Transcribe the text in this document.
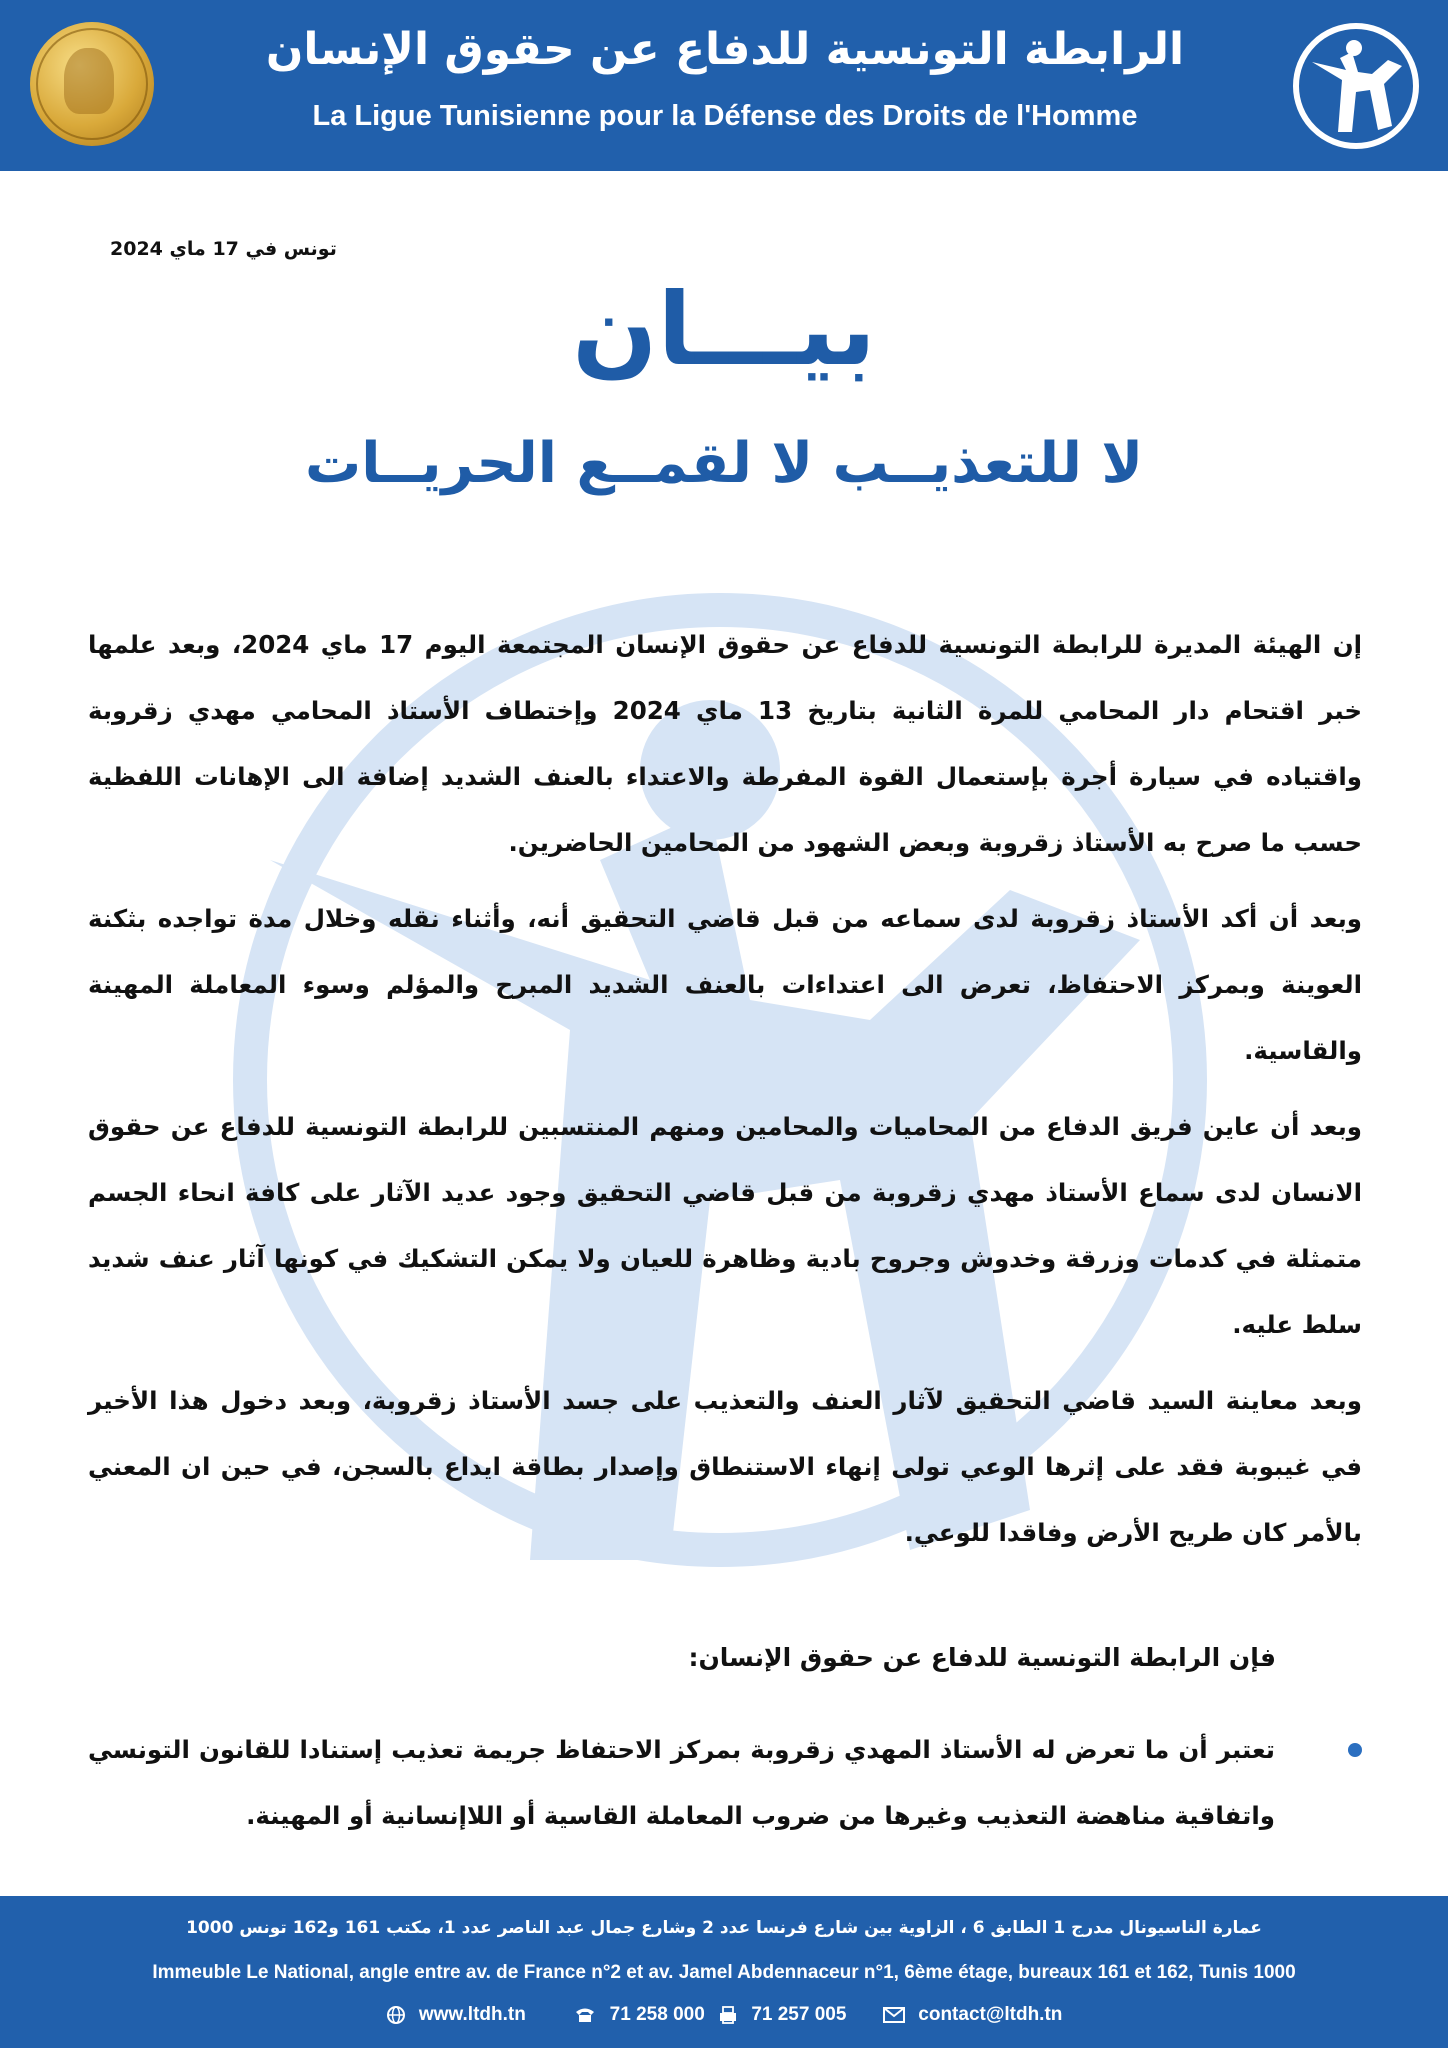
الرابطة التونسية للدفاع عن حقوق الإنسان
La Ligue Tunisienne pour la Défense des Droits de l'Homme
تونس في 17 ماي 2024
بيـــان
لا للتعذيــب لا لقمــع الحريــات

إن الهيئة المديرة للرابطة التونسية للدفاع عن حقوق الإنسان المجتمعة اليوم 17 ماي 2024، وبعد علمها خبر اقتحام دار المحامي للمرة الثانية بتاريخ 13 ماي 2024 وإختطاف الأستاذ المحامي مهدي زقروبة واقتياده في سيارة أجرة بإستعمال القوة المفرطة والاعتداء بالعنف الشديد إضافة الى الإهانات اللفظية حسب ما صرح به الأستاذ زقروبة وبعض الشهود من المحامين الحاضرين.

وبعد أن أكد الأستاذ زقروبة لدى سماعه من قبل قاضي التحقيق أنه، وأثناء نقله وخلال مدة تواجده بثكنة العوينة وبمركز الاحتفاظ، تعرض الى اعتداءات بالعنف الشديد المبرح والمؤلم وسوء المعاملة المهينة والقاسية.

وبعد أن عاين فريق الدفاع من المحاميات والمحامين ومنهم المنتسبين للرابطة التونسية للدفاع عن حقوق الانسان لدى سماع الأستاذ مهدي زقروبة من قبل قاضي التحقيق وجود عديد الآثار على كافة انحاء الجسم متمثلة في كدمات وزرقة وخدوش وجروح بادية وظاهرة للعيان ولا يمكن التشكيك في كونها آثار عنف شديد سلط عليه.

وبعد معاينة السيد قاضي التحقيق لآثار العنف والتعذيب على جسد الأستاذ زقروبة، وبعد دخول هذا الأخير في غيبوبة فقد على إثرها الوعي تولى إنهاء الاستنطاق وإصدار بطاقة ايداع بالسجن، في حين ان المعني بالأمر كان طريح الأرض وفاقدا للوعي.

فإن الرابطة التونسية للدفاع عن حقوق الإنسان:
تعتبر أن ما تعرض له الأستاذ المهدي زقروبة بمركز الاحتفاظ جريمة تعذيب إستنادا للقانون التونسي واتفاقية مناهضة التعذيب وغيرها من ضروب المعاملة القاسية أو اللاإنسانية أو المهينة.
عمارة الناسيونال مدرج 1 الطابق 6 ، الزاوية بين شارع فرنسا عدد 2 وشارع جمال عبد الناصر عدد 1، مكتب 161 و162 تونس 1000
Immeuble Le National, angle entre av. de France n°2 et av. Jamel Abdennaceur n°1, 6ème étage, bureaux 161 et 162, Tunis 1000
www.ltdh.tn	71 258 000 71 257 005	contact@ltdh.tn
